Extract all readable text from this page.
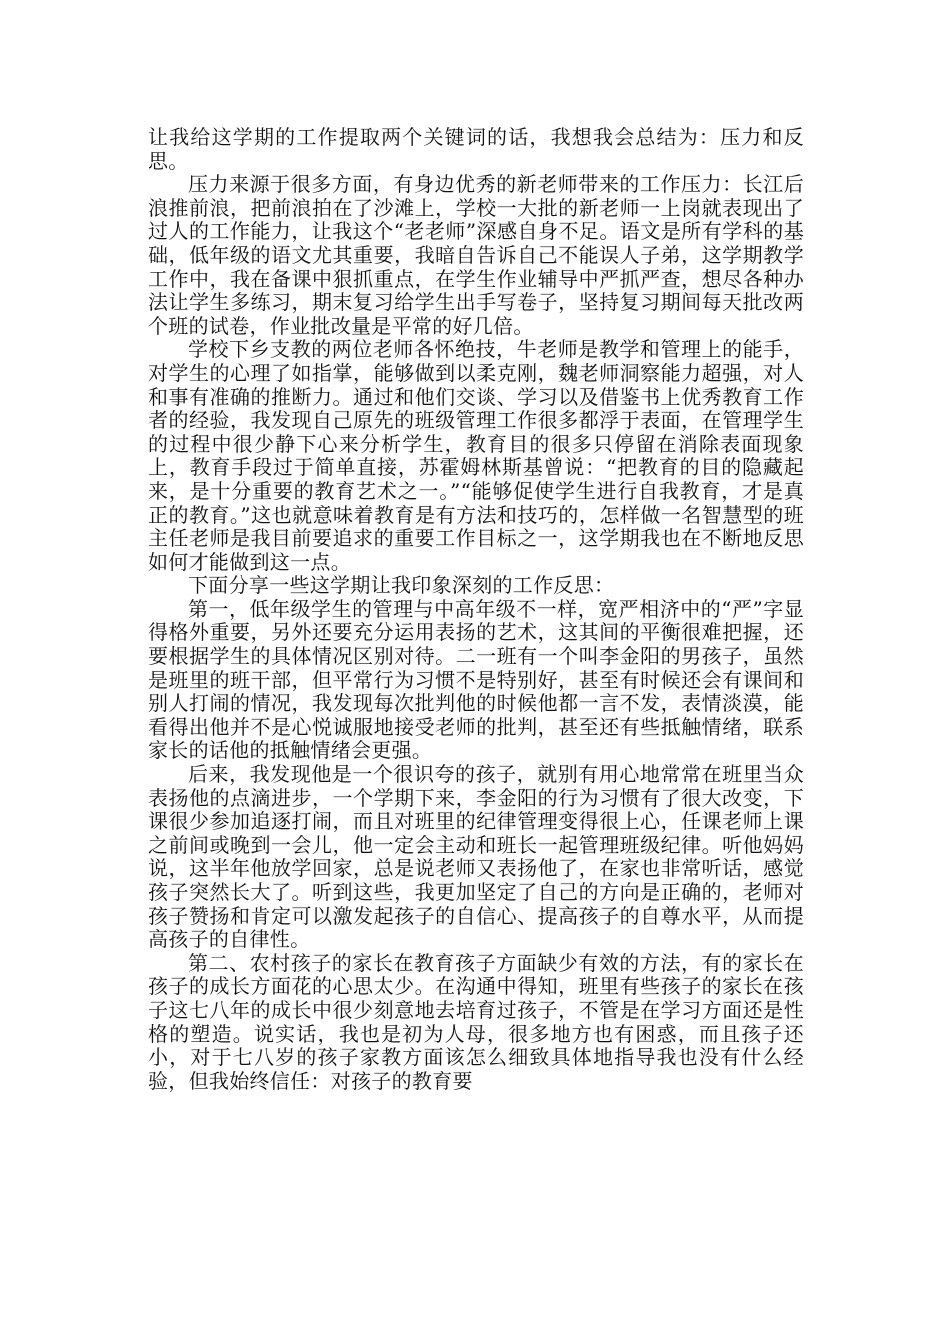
让我给这学期的工作提取两个关键词的话，我想我会总结为：压力和反思。

压力来源于很多方面，有身边优秀的新老师带来的工作压力：长江后浪推前浪，把前浪拍在了沙滩上，学校一大批的新老师一上岗就表现出了过人的工作能力，让我这个“老老师”深感自身不足。语文是所有学科的基础，低年级的语文尤其重要，我暗自告诉自己不能误人子弟，这学期教学工作中，我在备课中狠抓重点，在学生作业辅导中严抓严查，想尽各种办法让学生多练习，期末复习给学生出手写卷子，坚持复习期间每天批改两个班的试卷，作业批改量是平常的好几倍。

学校下乡支教的两位老师各怀绝技，牛老师是教学和管理上的能手，对学生的心理了如指掌，能够做到以柔克刚，魏老师洞察能力超强，对人和事有准确的推断力。通过和他们交谈、学习以及借鉴书上优秀教育工作者的经验，我发现自己原先的班级管理工作很多都浮于表面，在管理学生的过程中很少静下心来分析学生，教育目的很多只停留在消除表面现象上，教育手段过于简单直接，苏霍姆林斯基曾说：“把教育的目的隐藏起来，是十分重要的教育艺术之一。”“能够促使学生进行自我教育，才是真正的教育。”这也就意味着教育是有方法和技巧的，怎样做一名智慧型的班主任老师是我目前要追求的重要工作目标之一，这学期我也在不断地反思如何才能做到这一点。

下面分享一些这学期让我印象深刻的工作反思：

第一，低年级学生的管理与中高年级不一样，宽严相济中的“严”字显得格外重要，另外还要充分运用表扬的艺术，这其间的平衡很难把握，还要根据学生的具体情况区别对待。二一班有一个叫李金阳的男孩子，虽然是班里的班干部，但平常行为习惯不是特别好，甚至有时候还会有课间和别人打闹的情况，我发现每次批判他的时候他都一言不发，表情淡漠，能看得出他并不是心悦诚服地接受老师的批判，甚至还有些抵触情绪，联系家长的话他的抵触情绪会更强。

后来，我发现他是一个很识夸的孩子，就别有用心地常常在班里当众表扬他的点滴进步，一个学期下来，李金阳的行为习惯有了很大改变，下课很少参加追逐打闹，而且对班里的纪律管理变得很上心，任课老师上课之前间或晚到一会儿，他一定会主动和班长一起管理班级纪律。听他妈妈说，这半年他放学回家，总是说老师又表扬他了，在家也非常听话，感觉孩子突然长大了。听到这些，我更加坚定了自己的方向是正确的，老师对孩子赞扬和肯定可以激发起孩子的自信心、提高孩子的自尊水平，从而提高孩子的自律性。

第二、农村孩子的家长在教育孩子方面缺少有效的方法，有的家长在孩子的成长方面花的心思太少。在沟通中得知，班里有些孩子的家长在孩子这七八年的成长中很少刻意地去培育过孩子，不管是在学习方面还是性格的塑造。说实话，我也是初为人母，很多地方也有困惑，而且孩子还小，对于七八岁的孩子家教方面该怎么细致具体地指导我也没有什么经验，但我始终信任：对孩子的教育要
